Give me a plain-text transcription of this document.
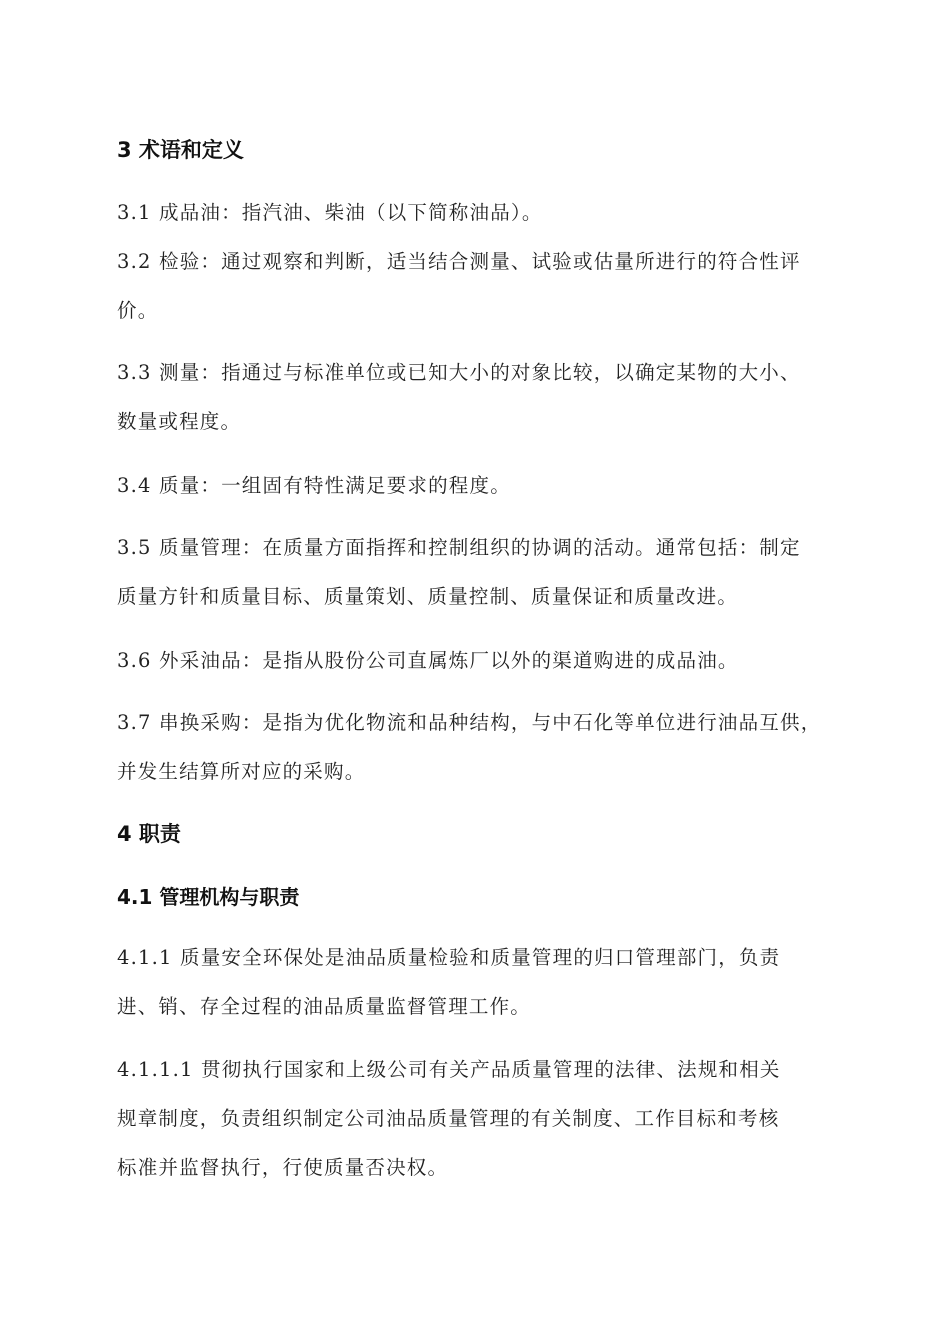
3 术语和定义

3.1 成品油：指汽油、柴油（以下简称油品）。

3.2 检验：通过观察和判断，适当结合测量、试验或估量所进行的符合性评
价。

3.3 测量：指通过与标准单位或已知大小的对象比较，以确定某物的大小、
数量或程度。

3.4 质量：一组固有特性满足要求的程度。

3.5 质量管理：在质量方面指挥和控制组织的协调的活动。通常包括：制定
质量方针和质量目标、质量策划、质量控制、质量保证和质量改进。

3.6 外采油品：是指从股份公司直属炼厂以外的渠道购进的成品油。

3.7 串换采购：是指为优化物流和品种结构，与中石化等单位进行油品互供，
并发生结算所对应的采购。

4 职责
4.1 管理机构与职责

4.1.1 质量安全环保处是油品质量检验和质量管理的归口管理部门，负责
进、销、存全过程的油品质量监督管理工作。

4.1.1.1 贯彻执行国家和上级公司有关产品质量管理的法律、法规和相关
规章制度，负责组织制定公司油品质量管理的有关制度、工作目标和考核
标准并监督执行，行使质量否决权。
